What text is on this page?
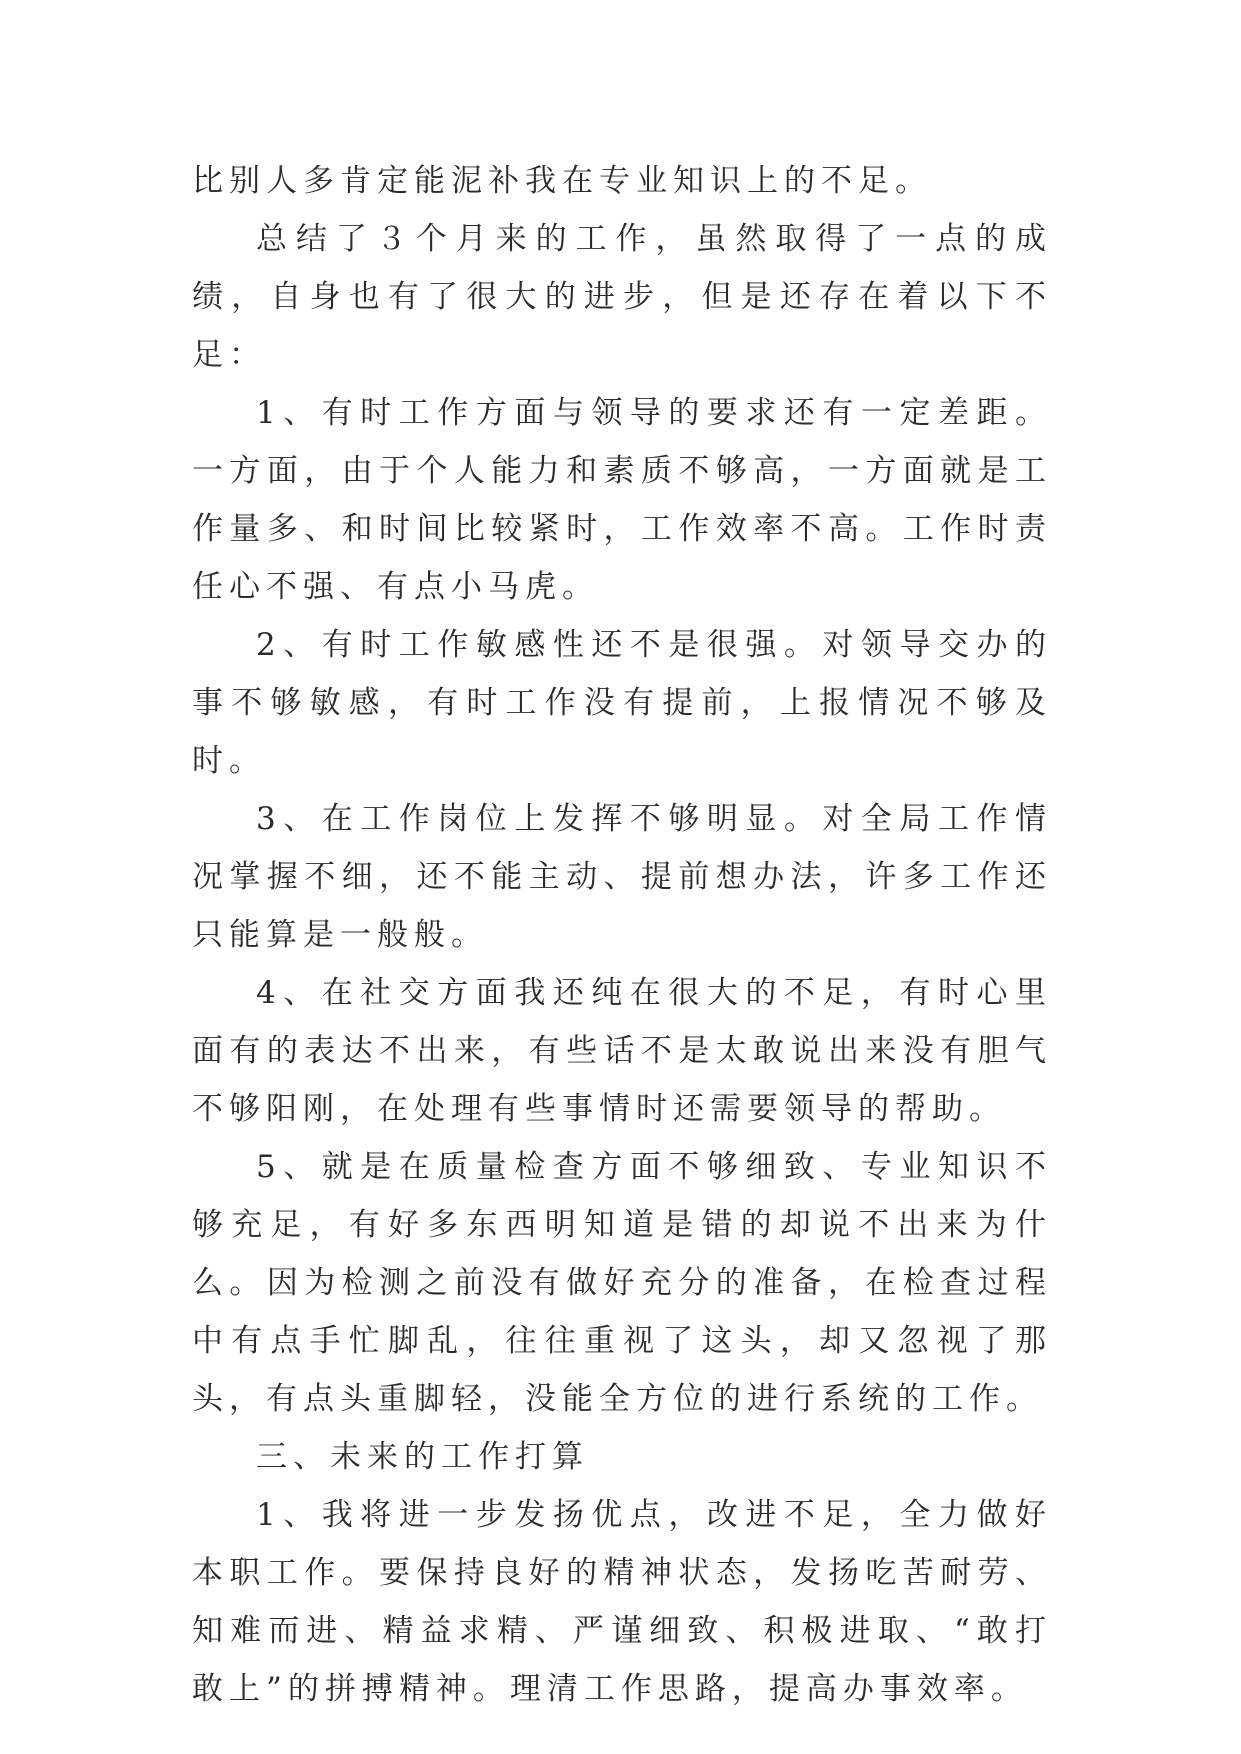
比别人多肯定能泥补我在专业知识上的不足。

总结了３个月来的工作，虽然取得了一点的成绩，自身也有了很大的进步，但是还存在着以下不足：

1、有时工作方面与领导的要求还有一定差距。一方面，由于个人能力和素质不够高，一方面就是工作量多、和时间比较紧时，工作效率不高。工作时责任心不强、有点小马虎。

2、有时工作敏感性还不是很强。对领导交办的事不够敏感，有时工作没有提前，上报情况不够及时。

3、在工作岗位上发挥不够明显。对全局工作情况掌握不细，还不能主动、提前想办法，许多工作还只能算是一般般。

4、在社交方面我还纯在很大的不足，有时心里面有的表达不出来，有些话不是太敢说出来没有胆气不够阳刚，在处理有些事情时还需要领导的帮助。

5、就是在质量检查方面不够细致、专业知识不够充足，有好多东西明知道是错的却说不出来为什么。因为检测之前没有做好充分的准备，在检查过程中有点手忙脚乱，往往重视了这头，却又忽视了那头，有点头重脚轻，没能全方位的进行系统的工作。

三、未来的工作打算

1、我将进一步发扬优点，改进不足，全力做好本职工作。要保持良好的精神状态，发扬吃苦耐劳、知难而进、精益求精、严谨细致、积极进取、“敢打敢上”的拼搏精神。理清工作思路，提高办事效率。
